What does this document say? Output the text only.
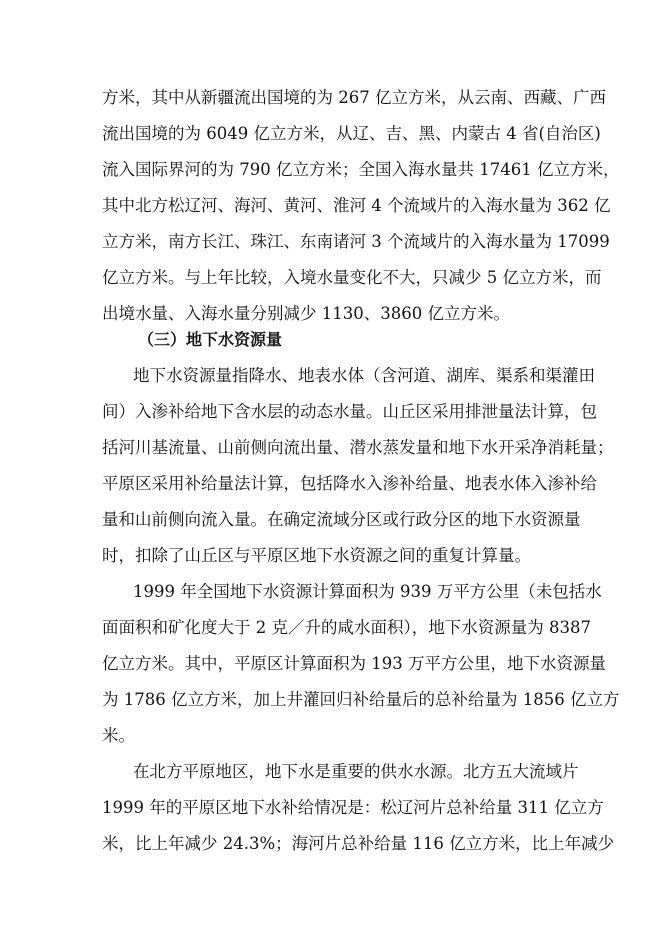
方米，其中从新疆流出国境的为 267 亿立方米，从云南、西藏、广西
流出国境的为 6049 亿立方米，从辽、吉、黑、内蒙古 4 省(自治区)
流入国际界河的为 790 亿立方米；全国入海水量共 17461 亿立方米，
其中北方松辽河、海河、黄河、淮河 4 个流域片的入海水量为 362 亿
立方米，南方长江、珠江、东南诸河 3 个流域片的入海水量为 17099
亿立方米。与上年比较，入境水量变化不大，只减少 5 亿立方米，而
出境水量、入海水量分别减少 1130、3860 亿立方米。
（三）地下水资源量
地下水资源量指降水、地表水体（含河道、湖库、渠系和渠灌田
间）入渗补给地下含水层的动态水量。山丘区采用排泄量法计算，包
括河川基流量、山前侧向流出量、潜水蒸发量和地下水开采净消耗量；
平原区采用补给量法计算，包括降水入渗补给量、地表水体入渗补给
量和山前侧向流入量。在确定流域分区或行政分区的地下水资源量
时，扣除了山丘区与平原区地下水资源之间的重复计算量。
1999 年全国地下水资源计算面积为 939 万平方公里（未包括水
面面积和矿化度大于 2 克／升的咸水面积），地下水资源量为 8387
亿立方米。其中，平原区计算面积为 193 万平方公里，地下水资源量
为 1786 亿立方米，加上井灌回归补给量后的总补给量为 1856 亿立方
米。
在北方平原地区，地下水是重要的供水水源。北方五大流域片
1999 年的平原区地下水补给情况是：松辽河片总补给量 311 亿立方
米，比上年减少 24.3%；海河片总补给量 116 亿立方米，比上年减少
